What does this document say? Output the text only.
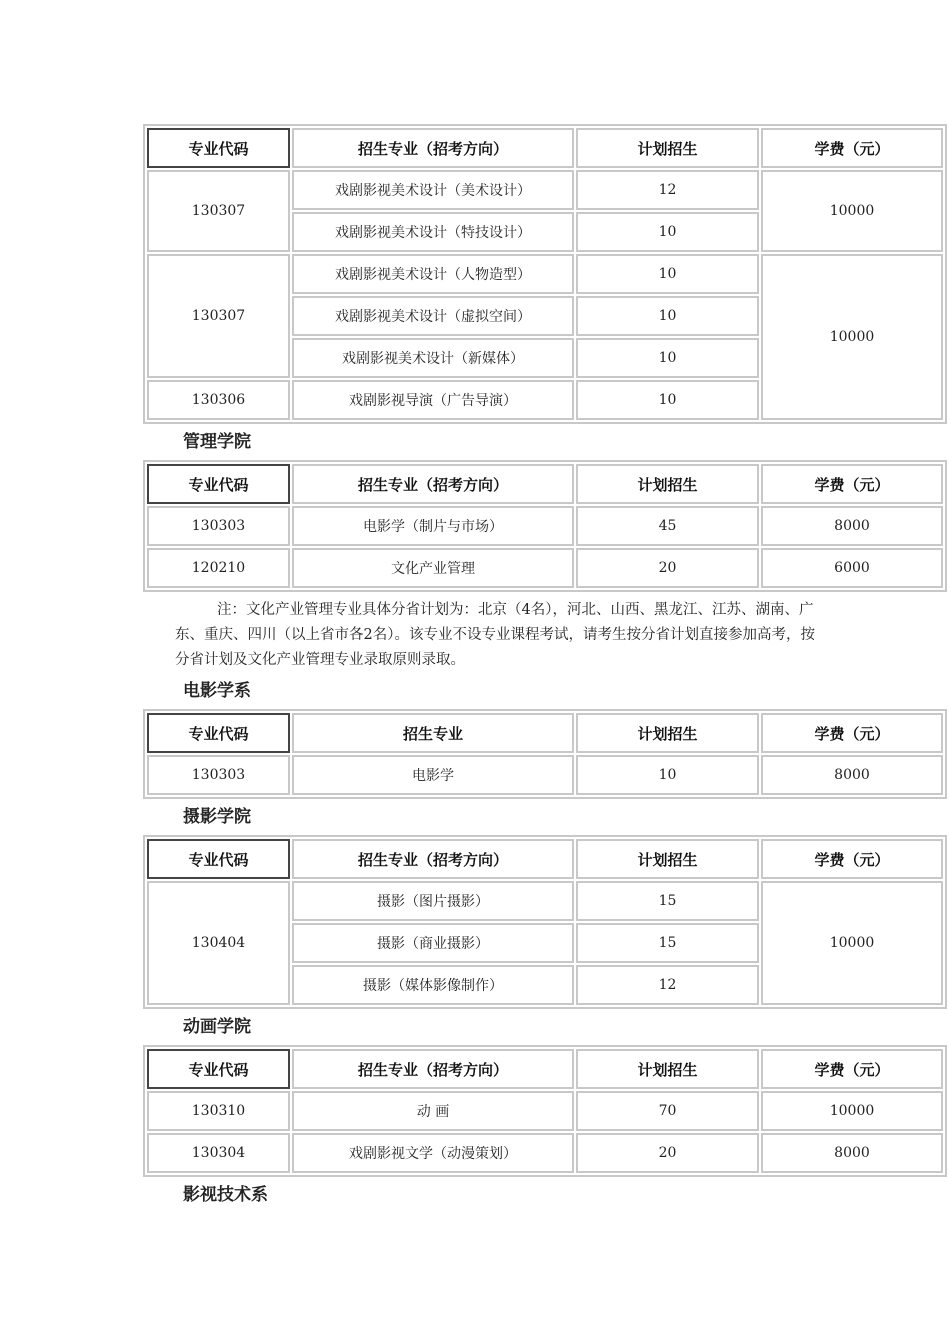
专业代码	招生专业（招考方向）	计划招生	学费（元）
130307	戏剧影视美术设计（美术设计）	12	10000
	戏剧影视美术设计（特技设计）	10	
130307	戏剧影视美术设计（人物造型）	10	10000
	戏剧影视美术设计（虚拟空间）	10	
	戏剧影视美术设计（新媒体）	10	
130306	戏剧影视导演（广告导演）	10	
管理学院
专业代码	招生专业（招考方向）	计划招生	学费（元）
130303	电影学（制片与市场）	45	8000
120210	文化产业管理	20	6000

注：文化产业管理专业具体分省计划为：北京（4名），河北、山西、黑龙江、江苏、湖南、广东、重庆、四川（以上省市各2名）。该专业不设专业课程考试，请考生按分省计划直接参加高考，按分省计划及文化产业管理专业录取原则录取。

电影学系
专业代码	招生专业	计划招生	学费（元）
130303	电影学	10	8000
摄影学院
专业代码	招生专业（招考方向）	计划招生	学费（元）
130404	摄影（图片摄影）	15	10000
	摄影（商业摄影）	15	
	摄影（媒体影像制作）	12	
动画学院
专业代码	招生专业（招考方向）	计划招生	学费（元）
130310	动 画	70	10000
130304	戏剧影视文学（动漫策划）	20	8000
影视技术系
